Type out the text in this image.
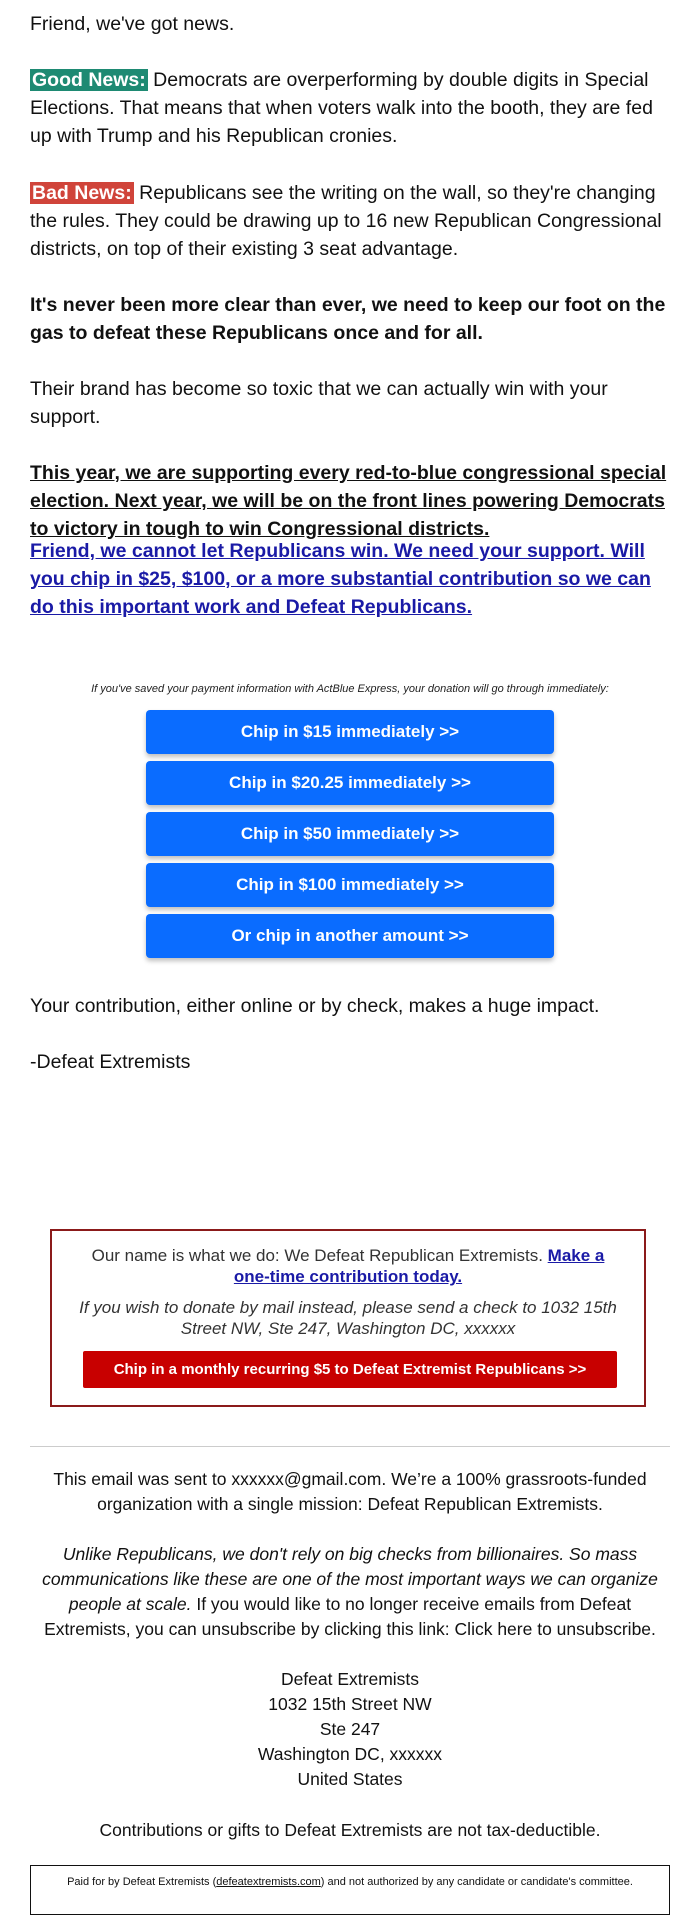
Friend, we've got news.

Good News: Democrats are overperforming by double digits in Special Elections. That means that when voters walk into the booth, they are fed up with Trump and his Republican cronies.

Bad News: Republicans see the writing on the wall, so they're changing the rules. They could be drawing up to 16 new Republican Congressional districts, on top of their existing 3 seat advantage.

It's never been more clear than ever, we need to keep our foot on the gas to defeat these Republicans once and for all.

Their brand has become so toxic that we can actually win with your support.

This year, we are supporting every red-to-blue congressional special election. Next year, we will be on the front lines powering Democrats to victory in tough to win Congressional districts.

Friend, we cannot let Republicans win. We need your support. Will you chip in $25, $100, or a more substantial contribution so we can do this important work and Defeat Republicans.

If you've saved your payment information with ActBlue Express, your donation will go through immediately:
Chip in $15 immediately >>
Chip in $20.25 immediately >>
Chip in $50 immediately >>
Chip in $100 immediately >>
Or chip in another amount >>

Your contribution, either online or by check, makes a huge impact.

-Defeat Extremists

Our name is what we do: We Defeat Republican Extremists. Make a one-time contribution today.
If you wish to donate by mail instead, please send a check to 1032 15th Street NW, Ste 247, Washington DC, xxxxxx
Chip in a monthly recurring $5 to Defeat Extremist Republicans >>
This email was sent to xxxxxx@gmail.com. We’re a 100% grassroots-funded organization with a single mission: Defeat Republican Extremists.
Unlike Republicans, we don't rely on big checks from billionaires. So mass communications like these are one of the most important ways we can organize people at scale. If you would like to no longer receive emails from Defeat Extremists, you can unsubscribe by clicking this link: Click here to unsubscribe.
Defeat Extremists
1032 15th Street NW
Ste 247
Washington DC, xxxxxx
United States
Contributions or gifts to Defeat Extremists are not tax-deductible.
Paid for by Defeat Extremists (defeatextremists.com) and not authorized by any candidate or candidate's committee.
